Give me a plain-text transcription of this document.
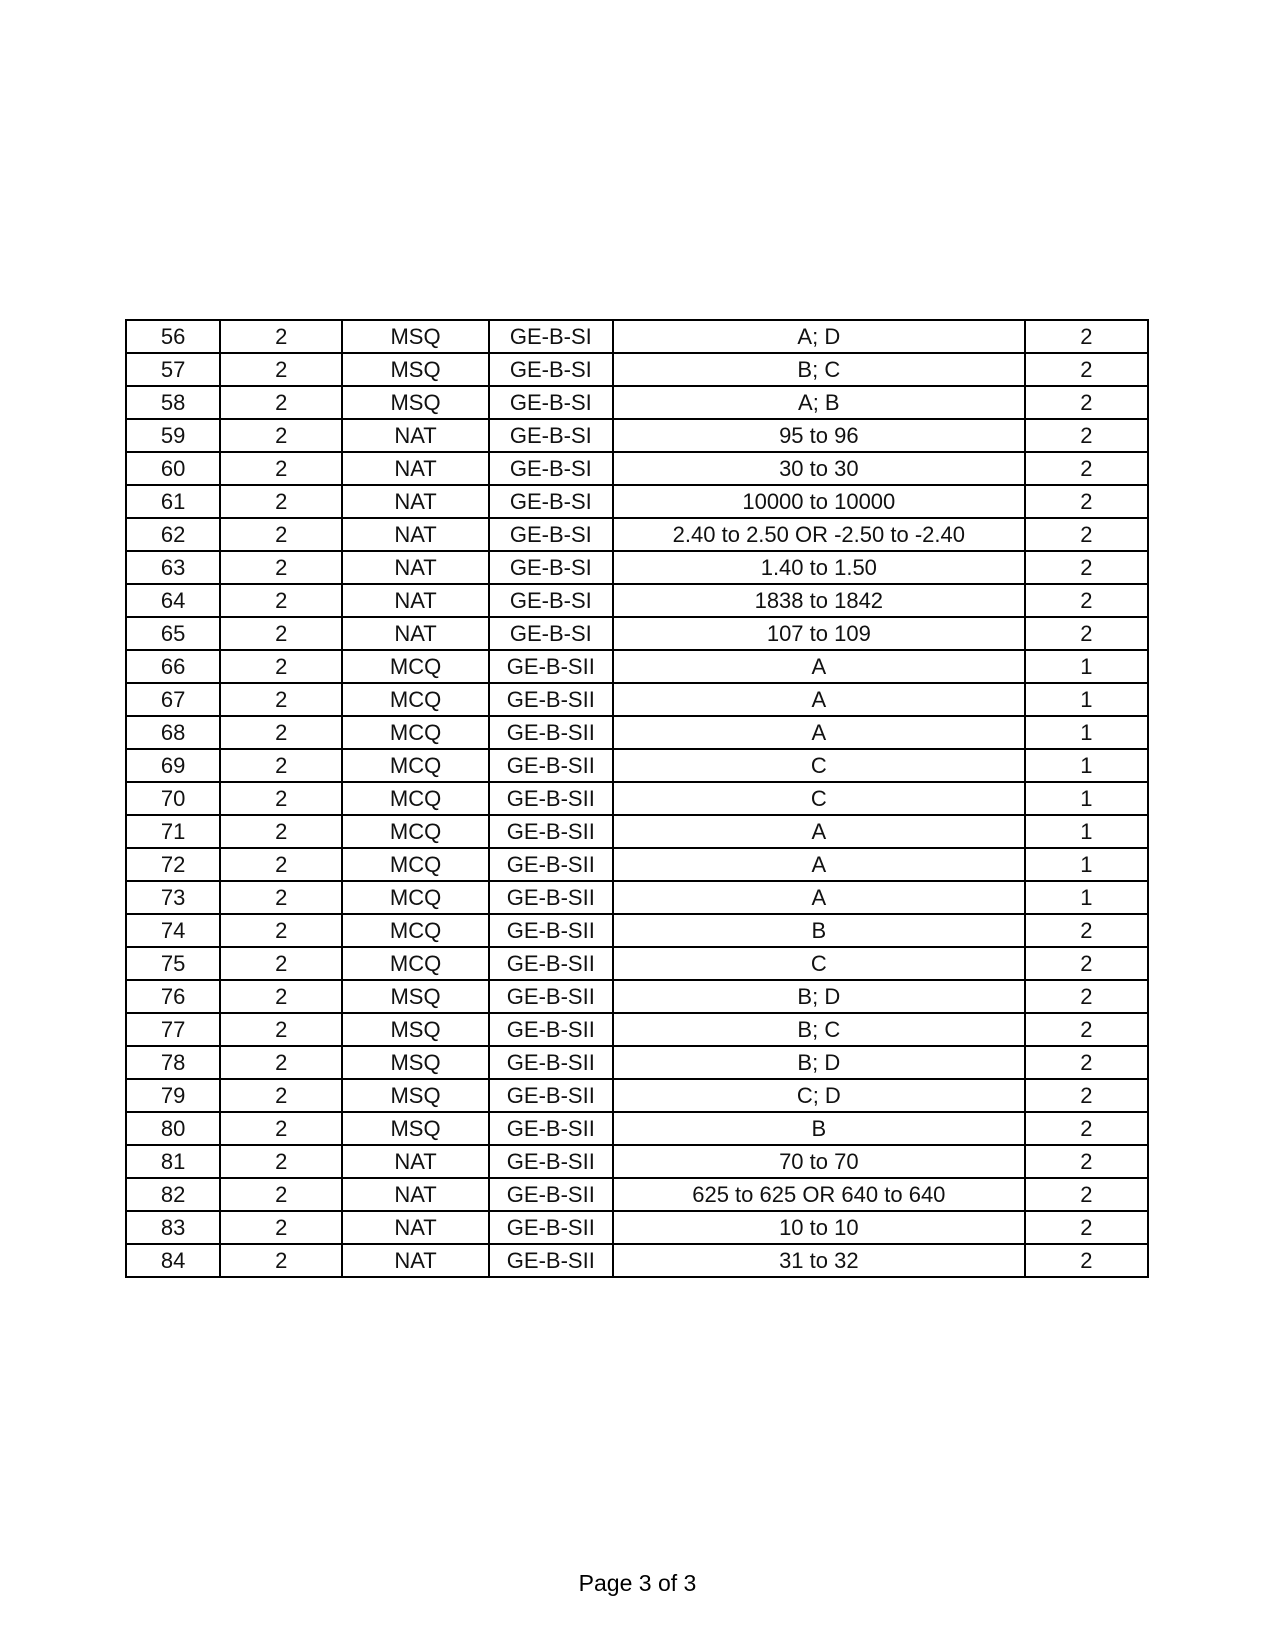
56	2	MSQ	GE-B-SI	A; D	2
57	2	MSQ	GE-B-SI	B; C	2
58	2	MSQ	GE-B-SI	A; B	2
59	2	NAT	GE-B-SI	95 to 96	2
60	2	NAT	GE-B-SI	30 to 30	2
61	2	NAT	GE-B-SI	10000 to 10000	2
62	2	NAT	GE-B-SI	2.40 to 2.50 OR -2.50 to -2.40	2
63	2	NAT	GE-B-SI	1.40 to 1.50	2
64	2	NAT	GE-B-SI	1838 to 1842	2
65	2	NAT	GE-B-SI	107 to 109	2
66	2	MCQ	GE-B-SII	A	1
67	2	MCQ	GE-B-SII	A	1
68	2	MCQ	GE-B-SII	A	1
69	2	MCQ	GE-B-SII	C	1
70	2	MCQ	GE-B-SII	C	1
71	2	MCQ	GE-B-SII	A	1
72	2	MCQ	GE-B-SII	A	1
73	2	MCQ	GE-B-SII	A	1
74	2	MCQ	GE-B-SII	B	2
75	2	MCQ	GE-B-SII	C	2
76	2	MSQ	GE-B-SII	B; D	2
77	2	MSQ	GE-B-SII	B; C	2
78	2	MSQ	GE-B-SII	B; D	2
79	2	MSQ	GE-B-SII	C; D	2
80	2	MSQ	GE-B-SII	B	2
81	2	NAT	GE-B-SII	70 to 70	2
82	2	NAT	GE-B-SII	625 to 625 OR 640 to 640	2
83	2	NAT	GE-B-SII	10 to 10	2
84	2	NAT	GE-B-SII	31 to 32	2
Page 3 of 3
